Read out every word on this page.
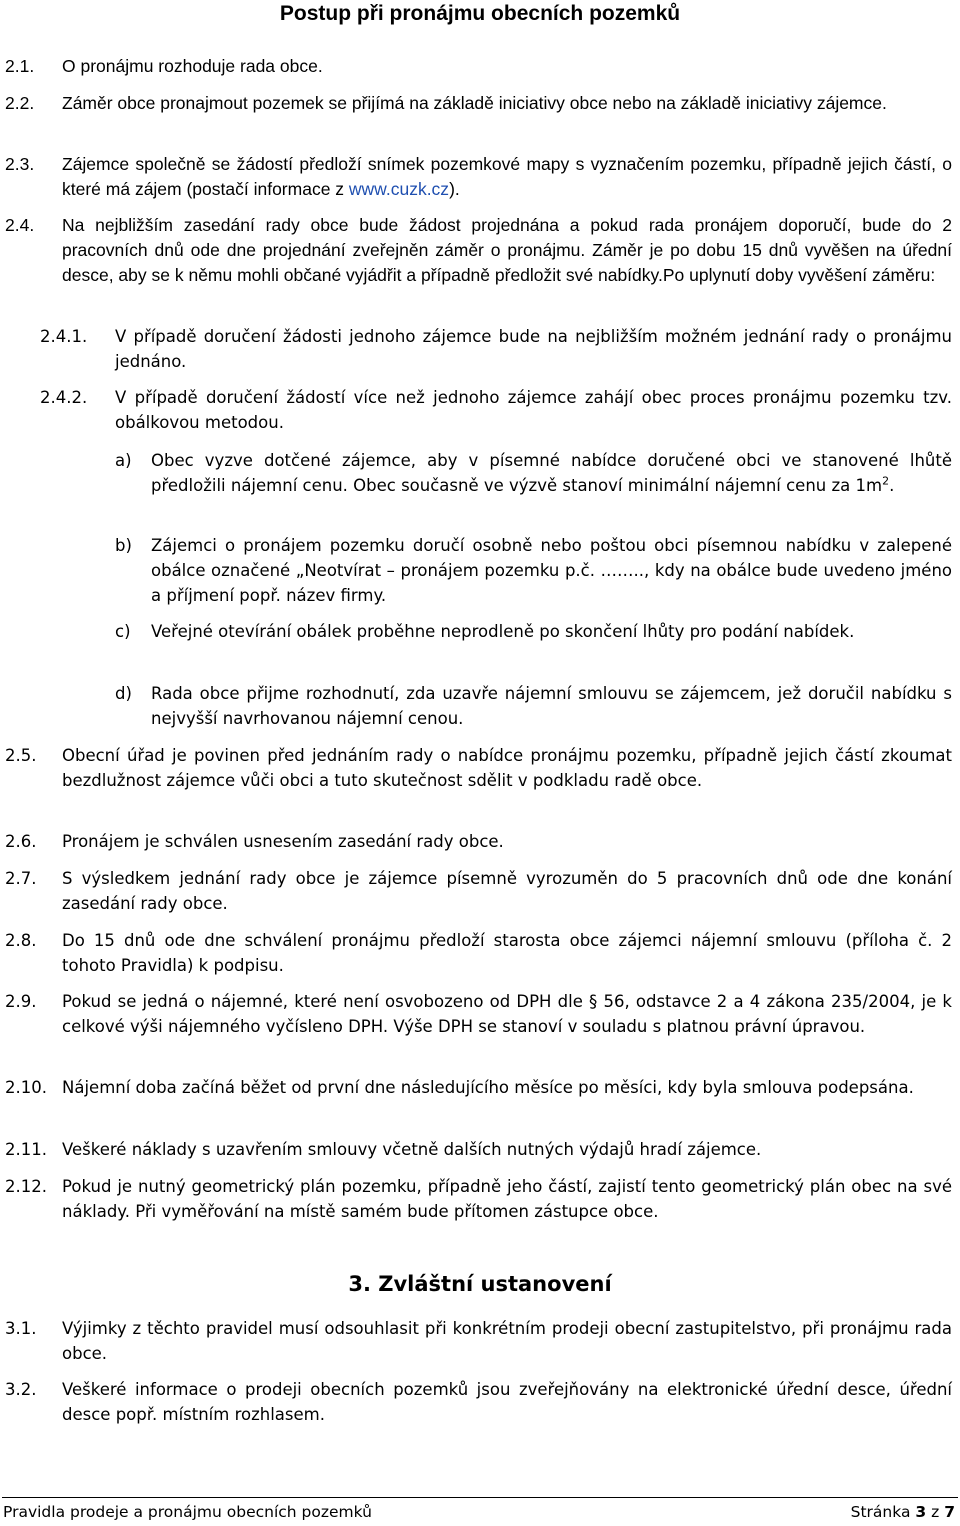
Postup při pronájmu obecních pozemků
2.1. O pronájmu rozhoduje rada obce.
2.2. Záměr obce pronajmout pozemek se přijímá na základě iniciativy obce nebo na základě iniciativy zájemce.
2.3. Zájemce společně se žádostí předloží snímek pozemkové mapy s vyznačením pozemku, případně jejich částí, o které má zájem (postačí informace z www.cuzk.cz).
2.4. Na nejbližším zasedání rady obce bude žádost projednána a pokud rada pronájem doporučí, bude do 2 pracovních dnů ode dne projednání zveřejněn záměr o pronájmu. Záměr je po dobu 15 dnů vyvěšen na úřední desce, aby se k němu mohli občané vyjádřit a případně předložit své nabídky.Po uplynutí doby vyvěšení záměru:
2.4.1. V případě doručení žádosti jednoho zájemce bude na nejbližším možném jednání rady o pronájmu jednáno.
2.4.2. V případě doručení žádostí více než jednoho zájemce zahájí obec proces pronájmu pozemku tzv. obálkovou metodou.
a) Obec vyzve dotčené zájemce, aby v písemné nabídce doručené obci ve stanovené lhůtě předložili nájemní cenu. Obec současně ve výzvě stanoví minimální nájemní cenu za $1m^2$.
b) Zájemci o pronájem pozemku doručí osobně nebo poštou obci písemnou nabídku v zalepené obálce označené „Neotvírat – pronájem pozemku p.č. …….., kdy na obálce bude uvedeno jméno a příjmení popř. název firmy.
c) Veřejné otevírání obálek proběhne neprodleně po skončení lhůty pro podání nabídek.
d) Rada obce přijme rozhodnutí, zda uzavře nájemní smlouvu se zájemcem, jež doručil nabídku s nejvyšší navrhovanou nájemní cenou.
2.5. Obecní úřad je povinen před jednáním rady o nabídce pronájmu pozemku, případně jejich částí zkoumat bezdlužnost zájemce vůči obci a tuto skutečnost sdělit v podkladu radě obce.
2.6. Pronájem je schválen usnesením zasedání rady obce.
2.7. S výsledkem jednání rady obce je zájemce písemně vyrozuměn do 5 pracovních dnů ode dne konání zasedání rady obce.
2.8. Do 15 dnů ode dne schválení pronájmu předloží starosta obce zájemci nájemní smlouvu (příloha č. 2 tohoto Pravidla) k podpisu.
2.9. Pokud se jedná o nájemné, které není osvobozeno od DPH dle § 56, odstavce 2 a 4 zákona 235/2004, je k celkové výši nájemného vyčísleno DPH. Výše DPH se stanoví v souladu s platnou právní úpravou.
2.10. Nájemní doba začíná běžet od první dne následujícího měsíce po měsíci, kdy byla smlouva podepsána.
2.11. Veškeré náklady s uzavřením smlouvy včetně dalších nutných výdajů hradí zájemce.
2.12. Pokud je nutný geometrický plán pozemku, případně jeho částí, zajistí tento geometrický plán obec na své náklady. Při vyměřování na místě samém bude přítomen zástupce obce.
3. Zvláštní ustanovení
3.1. Výjimky z těchto pravidel musí odsouhlasit při konkrétním prodeji obecní zastupitelstvo, při pronájmu rada obce.
3.2. Veškeré informace o prodeji obecních pozemků jsou zveřejňovány na elektronické úřední desce, úřední desce popř. místním rozhlasem.
Pravidla prodeje a pronájmu obecních pozemků	Stránka 3 z 7
